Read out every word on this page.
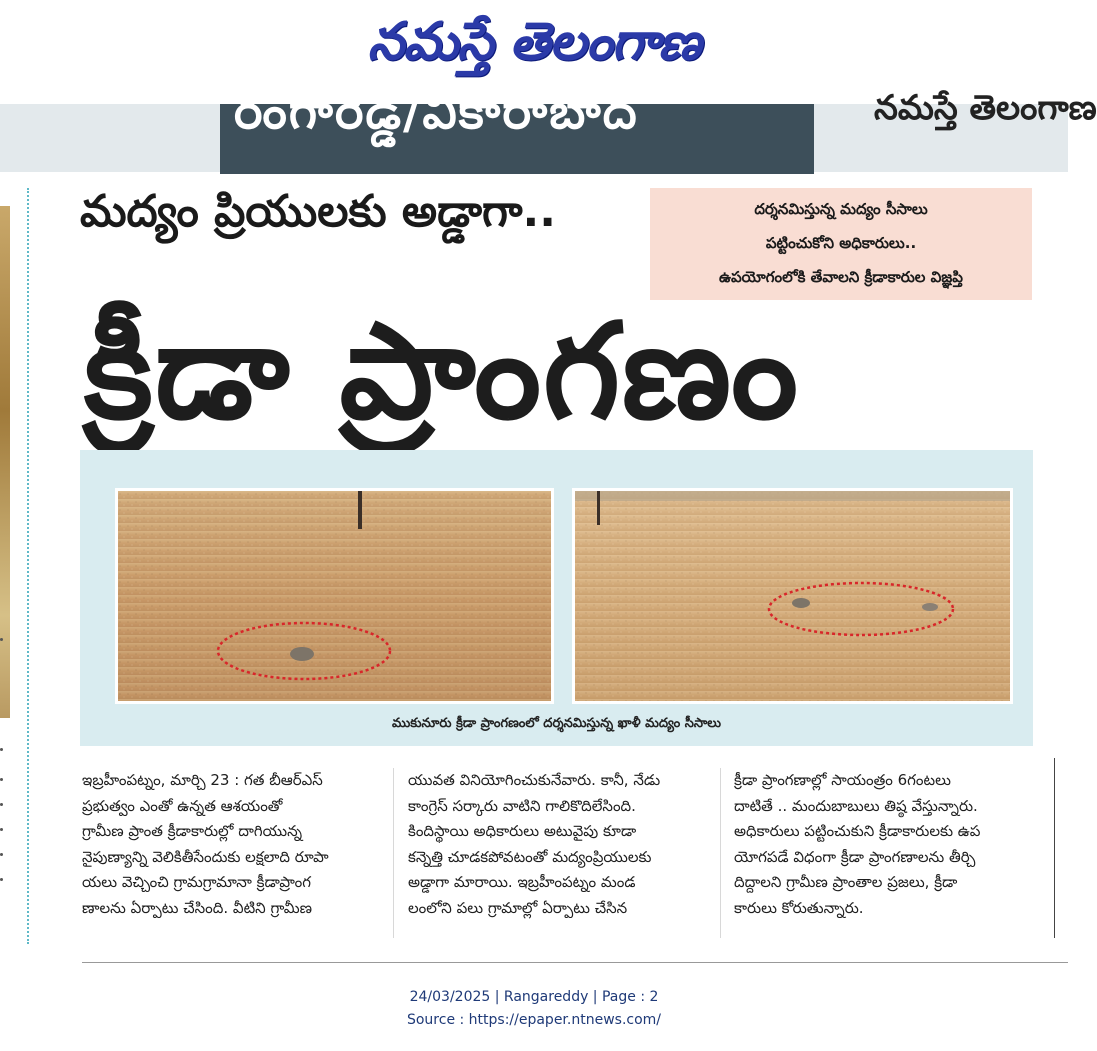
నమస్తే తెలంగాణ
రంగారెడ్డి/వికారాబాద్	నమస్తే తెలంగాణ
మద్యం ప్రియులకు అడ్డాగా..	దర్శనమిస్తున్న మద్యం సీసాలు
పట్టించుకోని అధికారులు..
ఉపయోగంలోకి తేవాలని క్రీడాకారుల విజ్ఞప్తి
క్రీడా ప్రాంగణం
ముకునూరు క్రీడా ప్రాంగణంలో దర్శనమిస్తున్న ఖాళీ మద్యం సీసాలు
ఇబ్రహీంపట్నం, మార్చి 23 : గత బీఆర్‌ఎస్
ప్రభుత్వం ఎంతో ఉన్నత ఆశయంతో
గ్రామీణ ప్రాంత క్రీడాకారుల్లో దాగియున్న
నైపుణ్యాన్ని వెలికితీసేందుకు లక్షలాది రూపా
యలు వెచ్చించి గ్రామగ్రామానా క్రీడాప్రాంగ
ణాలను ఏర్పాటు చేసింది. వీటిని గ్రామీణ
యువత వినియోగించుకునేవారు. కానీ, నేడు
కాంగ్రెస్ సర్కారు వాటిని గాలికొదిలేసింది.
కిందిస్థాయి అధికారులు అటువైపు కూడా
కన్నెత్తి చూడకపోవటంతో మద్యంప్రియులకు
అడ్డాగా మారాయి. ఇబ్రహీంపట్నం మండ
లంలోని పలు గ్రామాల్లో ఏర్పాటు చేసిన
క్రీడా ప్రాంగణాల్లో సాయంత్రం 6గంటలు
దాటితే .. మందుబాబులు తిష్ఠ వేస్తున్నారు.
అధికారులు పట్టించుకుని క్రీడాకారులకు ఉప
యోగపడే విధంగా క్రీడా ప్రాంగణాలను తీర్చి
దిద్దాలని గ్రామీణ ప్రాంతాల ప్రజలు, క్రీడా
కారులు కోరుతున్నారు.
24/03/2025 | Rangareddy | Page : 2
Source : https://epaper.ntnews.com/
